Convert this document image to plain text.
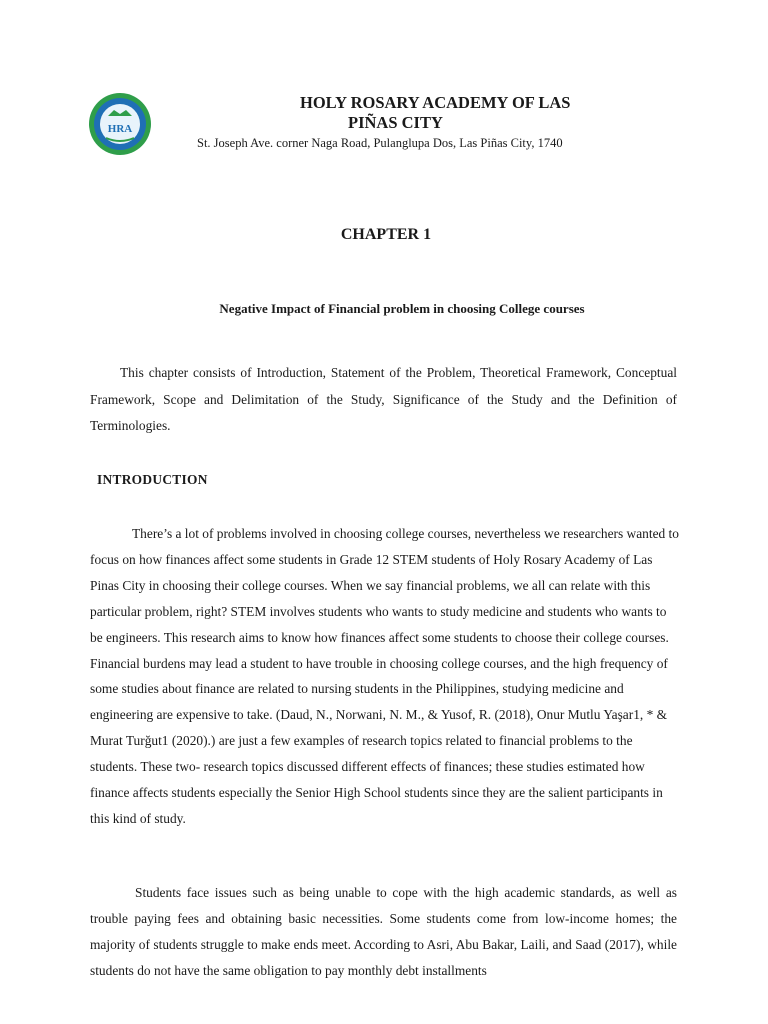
HRA
HOLY ROSARY ACADEMY OF LAS
PIÑAS CITY

St. Joseph Ave. corner Naga Road, Pulanglupa Dos, Las Piñas City, 1740

CHAPTER 1
Negative Impact of Financial problem in choosing College courses

This chapter consists of Introduction, Statement of the Problem, Theoretical Framework, Conceptual Framework, Scope and Delimitation of the Study, Significance of the Study and the Definition of Terminologies.

INTRODUCTION

There’s a lot of problems involved in choosing college courses, nevertheless we researchers wanted to focus on how finances affect some students in Grade 12 STEM students of Holy Rosary Academy of Las Pinas City in choosing their college courses. When we say financial problems, we all can relate with this particular problem, right? STEM involves students who wants to study medicine and students who wants to be engineers. This research aims to know how finances affect some students to choose their college courses. Financial burdens may lead a student to have trouble in choosing college courses, and the high frequency of some studies about finance are related to nursing students in the Philippines, studying medicine and engineering are expensive to take. (Daud, N., Norwani, N. M., & Yusof, R. (2018), Onur Mutlu Yaşar1, * & Murat Turğut1 (2020).) are just a few examples of research topics related to financial problems to the students. These two- research topics discussed different effects of finances; these studies estimated how finance affects students especially the Senior High School students since they are the salient participants in this kind of study.

Students face issues such as being unable to cope with the high academic standards, as well as trouble paying fees and obtaining basic necessities. Some students come from low-income homes; the majority of students struggle to make ends meet. According to Asri, Abu Bakar, Laili, and Saad (2017), while students do not have the same obligation to pay monthly debt installments
